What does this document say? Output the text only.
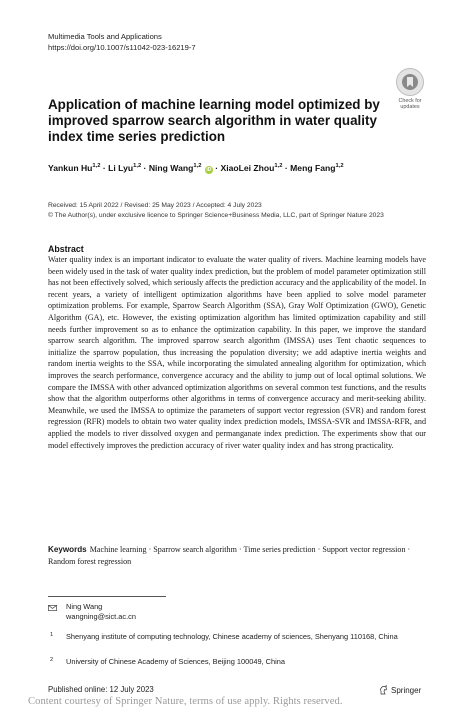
Multimedia Tools and Applications
https://doi.org/10.1007/s11042-023-16219-7
Check for
updates
Application of machine learning model optimized by improved sparrow search algorithm in water quality index time series prediction
Yankun Hu$^{1,2}$ · Li Lyu$^{1,2}$ · Ning Wang$^{1,2}$ iD · XiaoLei Zhou$^{1,2}$ · Meng Fang$^{1,2}$
Received: 15 April 2022 / Revised: 25 May 2023 / Accepted: 4 July 2023
© The Author(s), under exclusive licence to Springer Science+Business Media, LLC, part of Springer Nature 2023
Abstract
Water quality index is an important indicator to evaluate the water quality of rivers. Machine learning models have been widely used in the task of water quality index prediction, but the problem of model parameter optimization still has not been effectively solved, which seriously affects the prediction accuracy and the applicability of the model. In recent years, a variety of intelligent optimization algorithms have been applied to solve model parameter optimization problems. For example, Sparrow Search Algorithm (SSA), Gray Wolf Optimization (GWO), Genetic Algorithm (GA), etc. However, the existing optimization algorithm has limited optimization capability and still needs further improvement so as to enhance the optimization capability. In this paper, we improve the standard sparrow search algorithm. The improved sparrow search algorithm (IMSSA) uses Tent chaotic sequences to initialize the sparrow population, thus increasing the population diversity; we add adaptive inertia weights and random inertia weights to the SSA, while incorporating the simulated annealing algorithm for optimization, which improves the search performance, convergence accuracy and the ability to jump out of local optimal solutions. We compare the IMSSA with other advanced optimization algorithms on several common test functions, and the results show that the algorithm outperforms other algorithms in terms of convergence accuracy and merit-seeking ability. Meanwhile, we used the IMSSA to optimize the parameters of support vector regression (SVR) and random forest regression (RFR) models to obtain two water quality index prediction models, IMSSA-SVR and IMSSA-RFR, and applied the models to river dissolved oxygen and permanganate index prediction. The experiments show that our model effectively improves the prediction accuracy of river water quality index and has strong practicality.
Keywords Machine learning · Sparrow search algorithm · Time series prediction · Support vector regression · Random forest regression
Ning Wang
wangning@sict.ac.cn
1 Shenyang institute of computing technology, Chinese academy of sciences, Shenyang 110168, China
2 University of Chinese Academy of Sciences, Beijing 100049, China
Published online: 12 July 2023	Springer
Content courtesy of Springer Nature, terms of use apply. Rights reserved.
